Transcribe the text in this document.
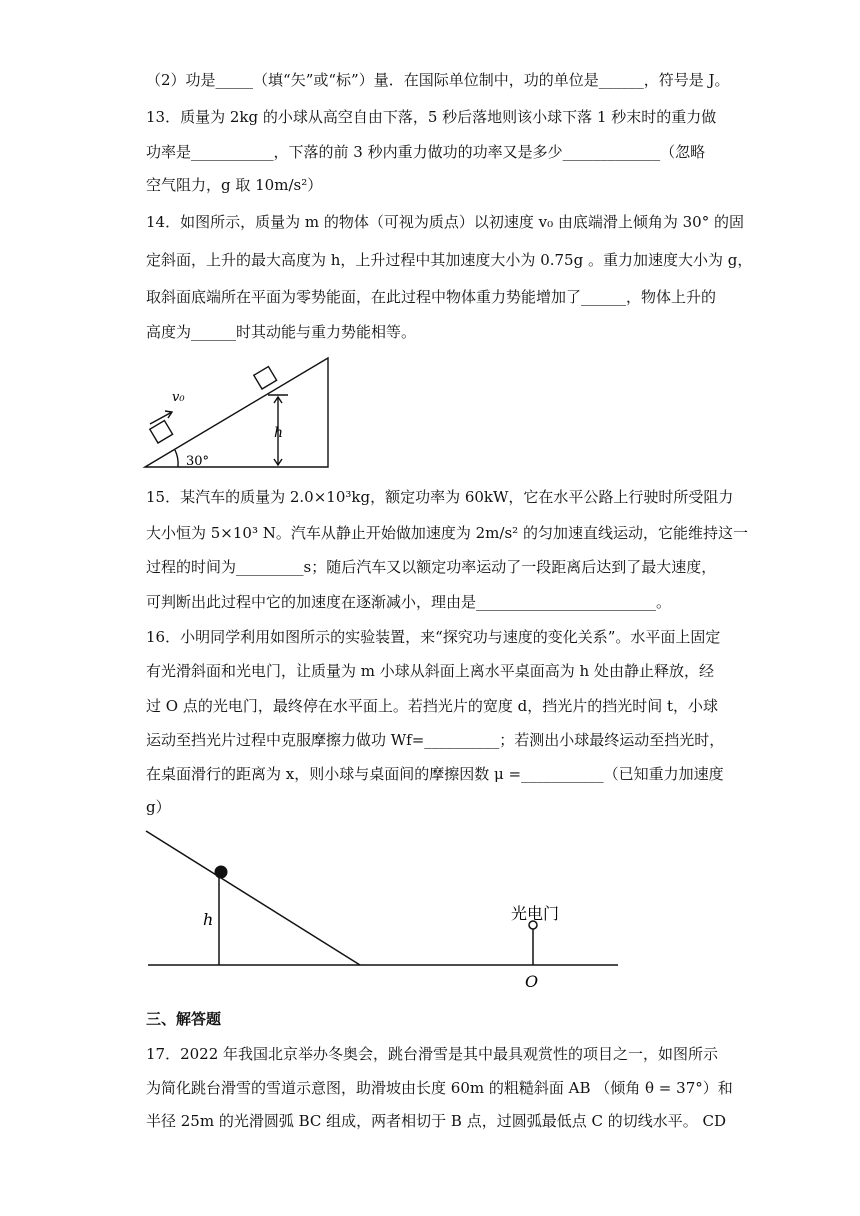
（2）功是_____（填“矢”或“标”）量．在国际单位制中，功的单位是______，符号是 J。
13．质量为 2kg 的小球从高空自由下落，5 秒后落地则该小球下落 1 秒末时的重力做
功率是___________，下落的前 3 秒内重力做功的功率又是多少_____________（忽略
空气阻力，g 取 10m/s²）
14．如图所示，质量为 m 的物体（可视为质点）以初速度 v₀ 由底端滑上倾角为 30° 的固
定斜面，上升的最大高度为 h，上升过程中其加速度大小为 0.75g 。重力加速度大小为 g，
取斜面底端所在平面为零势能面，在此过程中物体重力势能增加了______，物体上升的
高度为______时其动能与重力势能相等。
v₀
h
30°
15．某汽车的质量为 2.0×10³kg，额定功率为 60kW，它在水平公路上行驶时所受阻力
大小恒为 5×10³ N。汽车从静止开始做加速度为 2m/s² 的匀加速直线运动，它能维持这一
过程的时间为_________s；随后汽车又以额定功率运动了一段距离后达到了最大速度，
可判断出此过程中它的加速度在逐渐减小，理由是________________________。
16．小明同学利用如图所示的实验装置，来“探究功与速度的变化关系”。水平面上固定
有光滑斜面和光电门，让质量为 m 小球从斜面上离水平桌面高为 h 处由静止释放，经
过 O 点的光电门，最终停在水平面上。若挡光片的宽度 d，挡光片的挡光时间 t，小球
运动至挡光片过程中克服摩擦力做功 Wf=__________；若测出小球最终运动至挡光时，
在桌面滑行的距离为 x，则小球与桌面间的摩擦因数 μ =___________（已知重力加速度
g）
h	光电门
O
三、解答题
17．2022 年我国北京举办冬奥会，跳台滑雪是其中最具观赏性的项目之一，如图所示
为简化跳台滑雪的雪道示意图，助滑坡由长度 60m 的粗糙斜面 AB （倾角 θ = 37°）和
半径 25m 的光滑圆弧 BC 组成，两者相切于 B 点，过圆弧最低点 C 的切线水平。 CD
